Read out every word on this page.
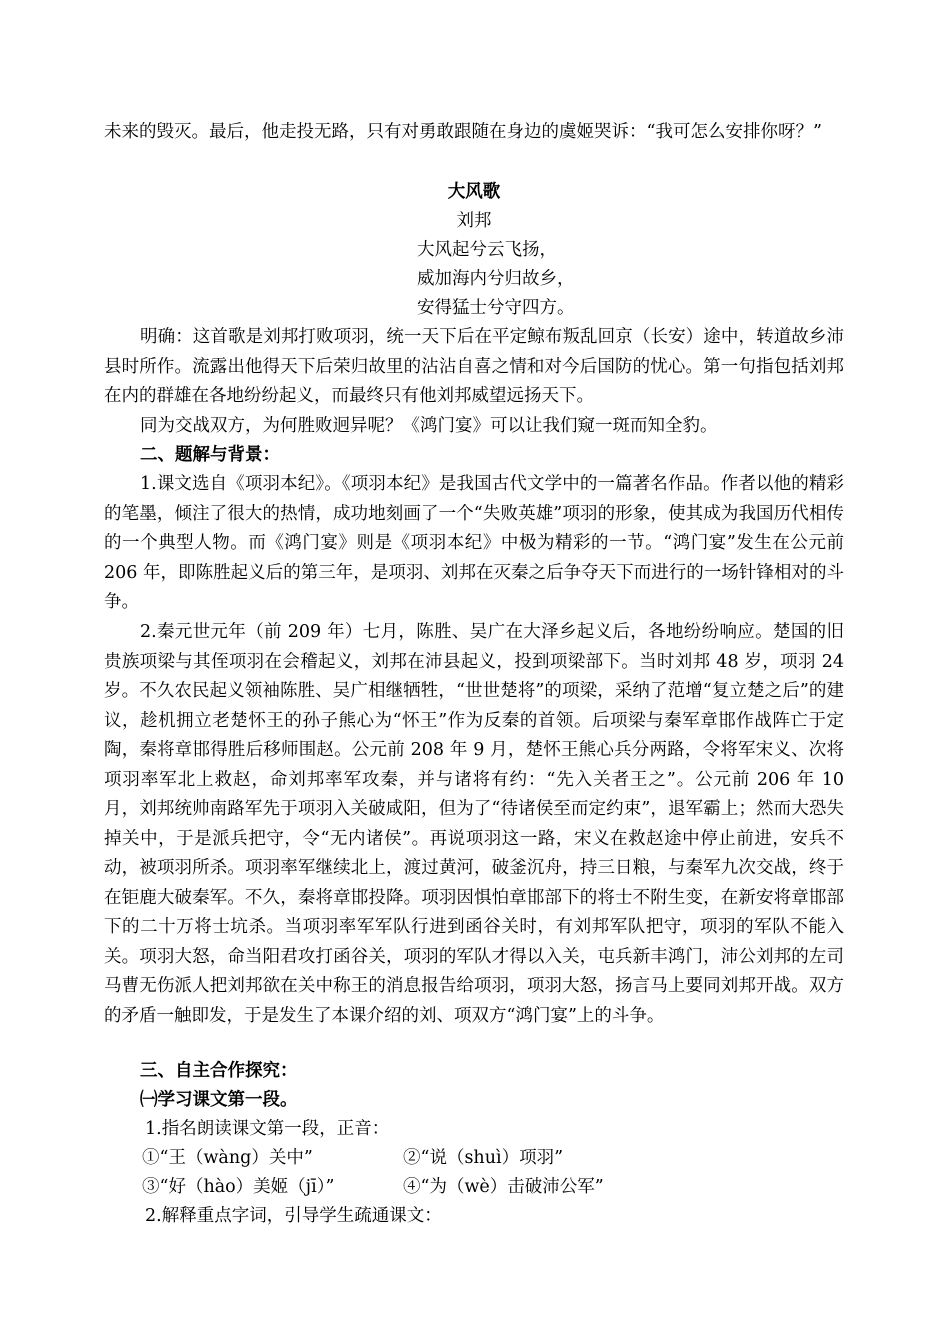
未来的毁灭。最后，他走投无路，只有对勇敢跟随在身边的虞姬哭诉：“我可怎么安排你呀？”

大风歌
刘邦
大风起兮云飞扬，
威加海内兮归故乡，
安得猛士兮守四方。

明确：这首歌是刘邦打败项羽，统一天下后在平定鲸布叛乱回京（长安）途中，转道故乡沛县时所作。流露出他得天下后荣归故里的沾沾自喜之情和对今后国防的忧心。第一句指包括刘邦在内的群雄在各地纷纷起义，而最终只有他刘邦威望远扬天下。

同为交战双方，为何胜败迥异呢？《鸿门宴》可以让我们窥一斑而知全豹。

二、题解与背景：

1.课文选自《项羽本纪》。《项羽本纪》是我国古代文学中的一篇著名作品。作者以他的精彩的笔墨，倾注了很大的热情，成功地刻画了一个“失败英雄”项羽的形象，使其成为我国历代相传的一个典型人物。而《鸿门宴》则是《项羽本纪》中极为精彩的一节。“鸿门宴”发生在公元前 206 年，即陈胜起义后的第三年，是项羽、刘邦在灭秦之后争夺天下而进行的一场针锋相对的斗争。

2.秦元世元年（前 209 年）七月，陈胜、吴广在大泽乡起义后，各地纷纷响应。楚国的旧贵族项梁与其侄项羽在会稽起义，刘邦在沛县起义，投到项梁部下。当时刘邦 48 岁，项羽 24 岁。不久农民起义领袖陈胜、吴广相继牺牲，“世世楚将”的项梁，采纳了范增“复立楚之后”的建议，趁机拥立老楚怀王的孙子熊心为“怀王”作为反秦的首领。后项梁与秦军章邯作战阵亡于定陶，秦将章邯得胜后移师围赵。公元前 208 年 9 月，楚怀王熊心兵分两路，令将军宋义、次将项羽率军北上救赵，命刘邦率军攻秦，并与诸将有约：“先入关者王之”。公元前 206 年 10 月，刘邦统帅南路军先于项羽入关破咸阳，但为了“待诸侯至而定约束”，退军霸上；然而大恐失掉关中，于是派兵把守，令“无内诸侯”。再说项羽这一路，宋义在救赵途中停止前进，安兵不动，被项羽所杀。项羽率军继续北上，渡过黄河，破釜沉舟，持三日粮，与秦军九次交战，终于在钜鹿大破秦军。不久，秦将章邯投降。项羽因惧怕章邯部下的将士不附生变，在新安将章邯部下的二十万将士坑杀。当项羽率军军队行进到函谷关时，有刘邦军队把守，项羽的军队不能入关。项羽大怒，命当阳君攻打函谷关，项羽的军队才得以入关，屯兵新丰鸿门，沛公刘邦的左司马曹无伤派人把刘邦欲在关中称王的消息报告给项羽，项羽大怒，扬言马上要同刘邦开战。双方的矛盾一触即发，于是发生了本课介绍的刘、项双方“鸿门宴”上的斗争。

三、自主合作探究：
㈠学习课文第一段。
1.指名朗读课文第一段，正音：
①“王（wàng）关中”	②“说（shuì）项羽”
③“好（hào）美姬（jī）”	④“为（wè）击破沛公军”
2.解释重点字词，引导学生疏通课文：
